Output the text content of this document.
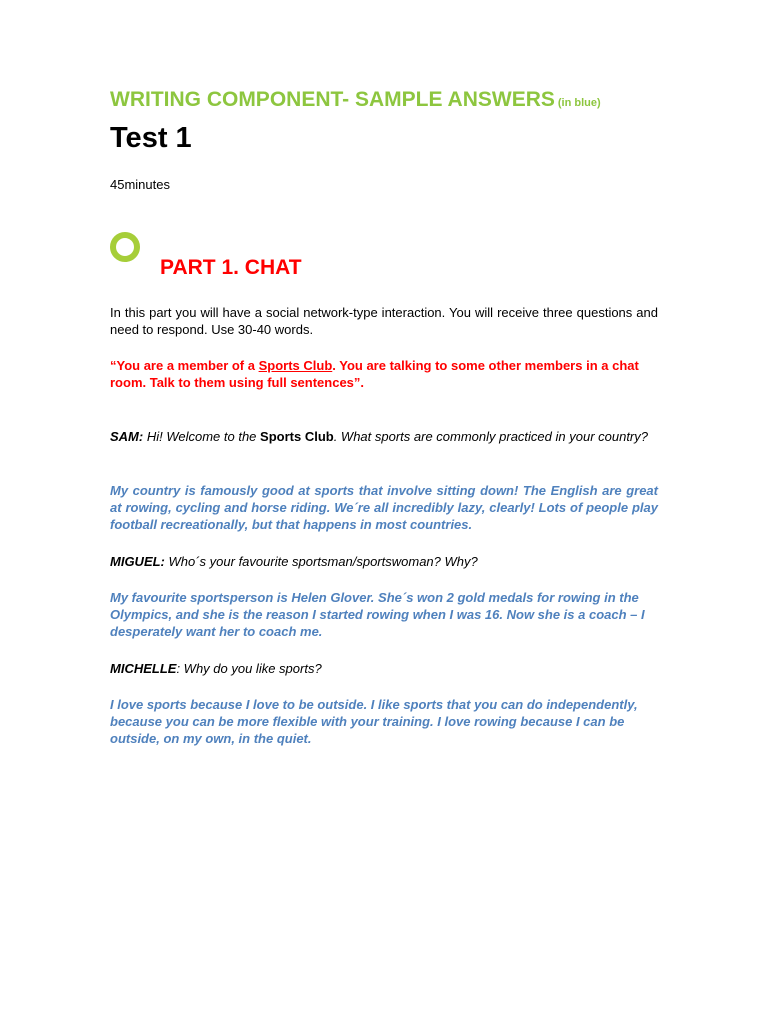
WRITING COMPONENT- SAMPLE ANSWERS (in blue)
Test 1
45minutes
PART 1. CHAT

In this part you will have a social network-type interaction. You will receive three questions and need to respond. Use 30-40 words.

“You are a member of a Sports Club. You are talking to some other members in a chat room. Talk to them using full sentences”.

SAM: Hi! Welcome to the Sports Club. What sports are commonly practiced in your country?

My country is famously good at sports that involve sitting down! The English are great at rowing, cycling and horse riding. We´re all incredibly lazy, clearly! Lots of people play football recreationally, but that happens in most countries.

MIGUEL: Who´s your favourite sportsman/sportswoman? Why?

My favourite sportsperson is Helen Glover. She´s won 2 gold medals for rowing in the Olympics, and she is the reason I started rowing when I was 16. Now she is a coach – I desperately want her to coach me.

MICHELLE: Why do you like sports?

I love sports because I love to be outside. I like sports that you can do independently, because you can be more flexible with your training. I love rowing because I can be outside, on my own, in the quiet.
